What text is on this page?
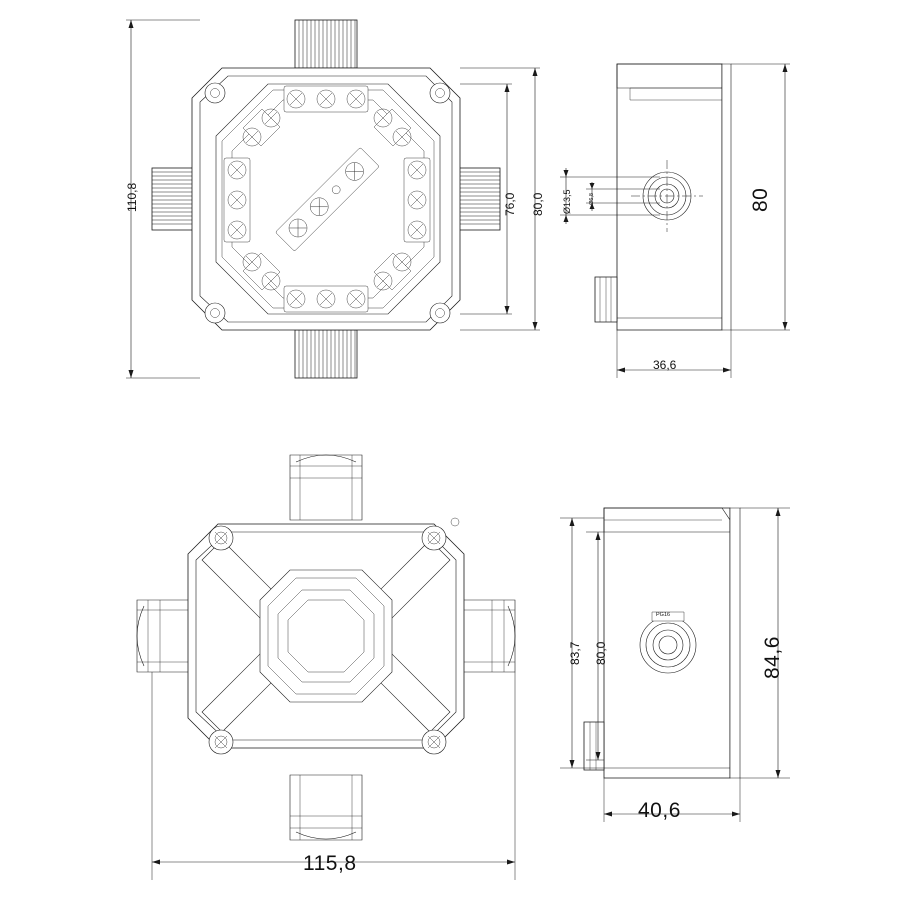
110,8	76,0 80,0 Ø13,5	Ø6,8	80
36,6
115,8
83,7 80,0	84,6
40,6
PG16
